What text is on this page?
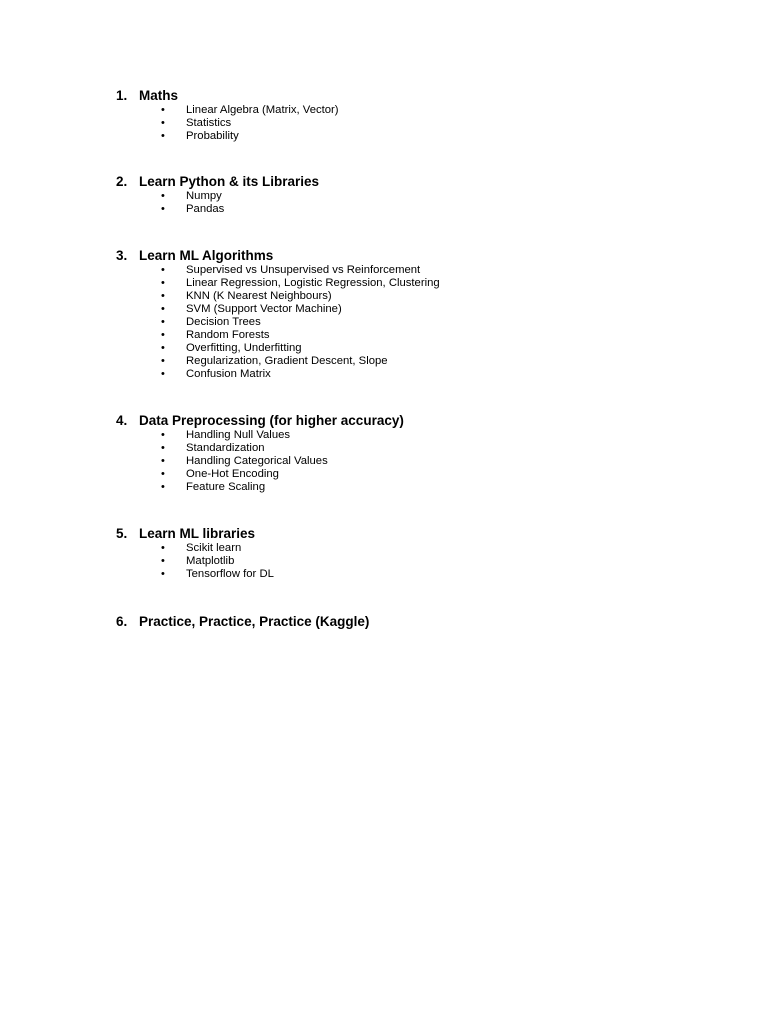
1. Maths
•	Linear Algebra (Matrix, Vector)
•	Statistics
•	Probability
2. Learn Python & its Libraries
•	Numpy
•	Pandas
3. Learn ML Algorithms
•	Supervised vs Unsupervised vs Reinforcement
•	Linear Regression, Logistic Regression, Clustering
•	KNN (K Nearest Neighbours)
•	SVM (Support Vector Machine)
•	Decision Trees
•	Random Forests
•	Overfitting, Underfitting
•	Regularization, Gradient Descent, Slope
•	Confusion Matrix
4. Data Preprocessing (for higher accuracy)
•	Handling Null Values
•	Standardization
•	Handling Categorical Values
•	One-Hot Encoding
•	Feature Scaling
5. Learn ML libraries
•	Scikit learn
•	Matplotlib
•	Tensorflow for DL
6. Practice, Practice, Practice (Kaggle)
